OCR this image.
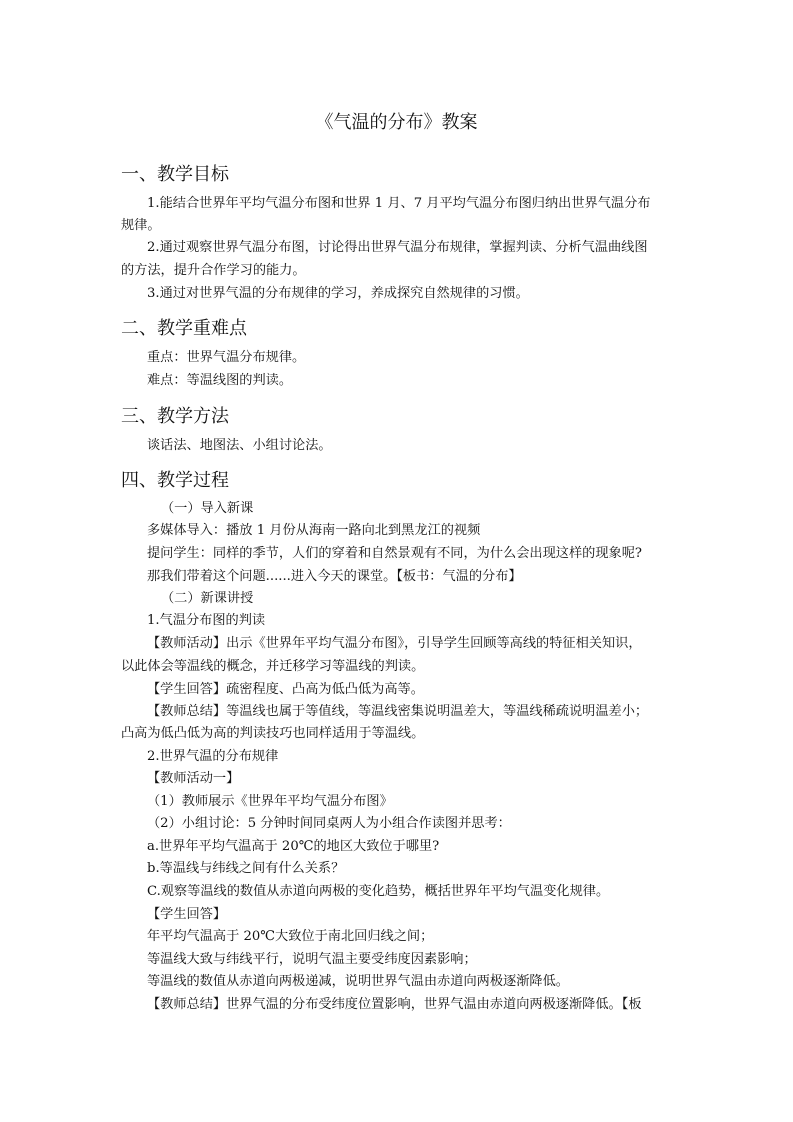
《气温的分布》教案
一、教学目标
1.能结合世界年平均气温分布图和世界 1 月、7 月平均气温分布图归纳出世界气温分布
规律。
2.通过观察世界气温分布图，讨论得出世界气温分布规律，掌握判读、分析气温曲线图
的方法，提升合作学习的能力。
3.通过对世界气温的分布规律的学习，养成探究自然规律的习惯。
二、教学重难点
重点：世界气温分布规律。
难点：等温线图的判读。
三、教学方法
谈话法、地图法、小组讨论法。
四、教学过程
（一）导入新课
多媒体导入：播放 1 月份从海南一路向北到黑龙江的视频
提问学生：同样的季节，人们的穿着和自然景观有不同，为什么会出现这样的现象呢?
那我们带着这个问题......进入今天的课堂。【板书：气温的分布】
（二）新课讲授
1.气温分布图的判读
【教师活动】出示《世界年平均气温分布图》，引导学生回顾等高线的特征相关知识，
以此体会等温线的概念，并迁移学习等温线的判读。
【学生回答】疏密程度、凸高为低凸低为高等。
【教师总结】等温线也属于等值线，等温线密集说明温差大，等温线稀疏说明温差小；
凸高为低凸低为高的判读技巧也同样适用于等温线。
2.世界气温的分布规律
【教师活动一】
（1）教师展示《世界年平均气温分布图》
（2）小组讨论：5 分钟时间同桌两人为小组合作读图并思考：
a.世界年平均气温高于 20℃的地区大致位于哪里?
b.等温线与纬线之间有什么关系？
C.观察等温线的数值从赤道向两极的变化趋势，概括世界年平均气温变化规律。
【学生回答】
年平均气温高于 20℃大致位于南北回归线之间；
等温线大致与纬线平行，说明气温主要受纬度因素影响；
等温线的数值从赤道向两极递减，说明世界气温由赤道向两极逐渐降低。
【教师总结】世界气温的分布受纬度位置影响，世界气温由赤道向两极逐渐降低。【板
